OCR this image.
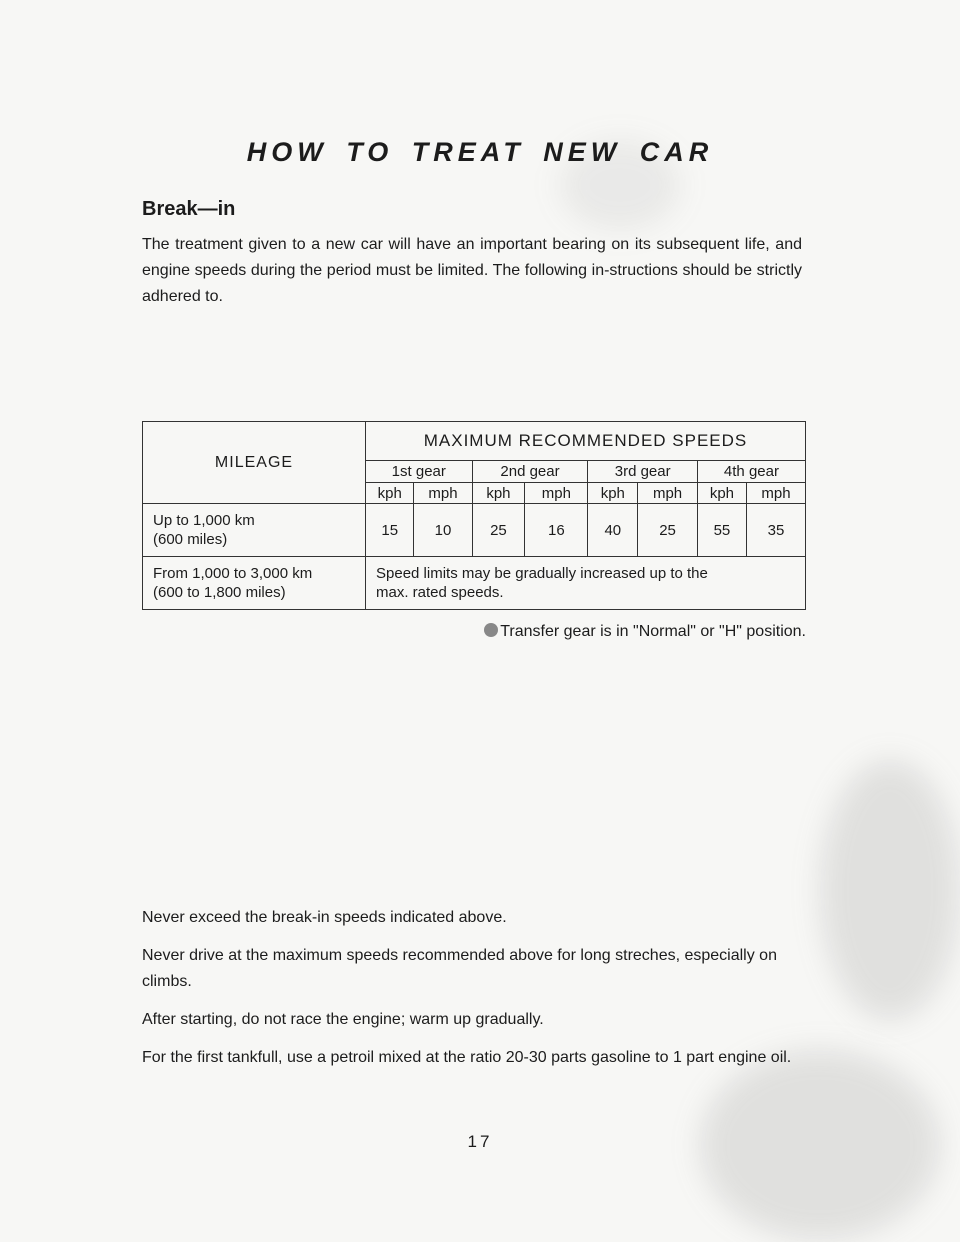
HOW TO TREAT NEW CAR
Break—in

The treatment given to a new car will have an important bearing on its subsequent life, and engine speeds during the period must be limited. The following in-structions should be strictly adhered to.

MILEAGE	MAXIMUM RECOMMENDED SPEEDS							
	1st gear		2nd gear		3rd gear		4th gear	
	kph	mph	kph	mph	kph	mph	kph	mph
Up to 1,000 km
(600 miles)	15	10	25	16	40	25	55	35
From 1,000 to 3,000 km
(600 to 1,800 miles)	Speed limits may be gradually increased up to the
max. rated speeds.							

Transfer gear is in "Normal" or "H" position.

Never exceed the break-in speeds indicated above.
Never drive at the maximum speeds recommended above for long streches, especially on climbs.
After starting, do not race the engine; warm up gradually.
For the first tankfull, use a petroil mixed at the ratio 20-30 parts gasoline to 1 part engine oil.

17
